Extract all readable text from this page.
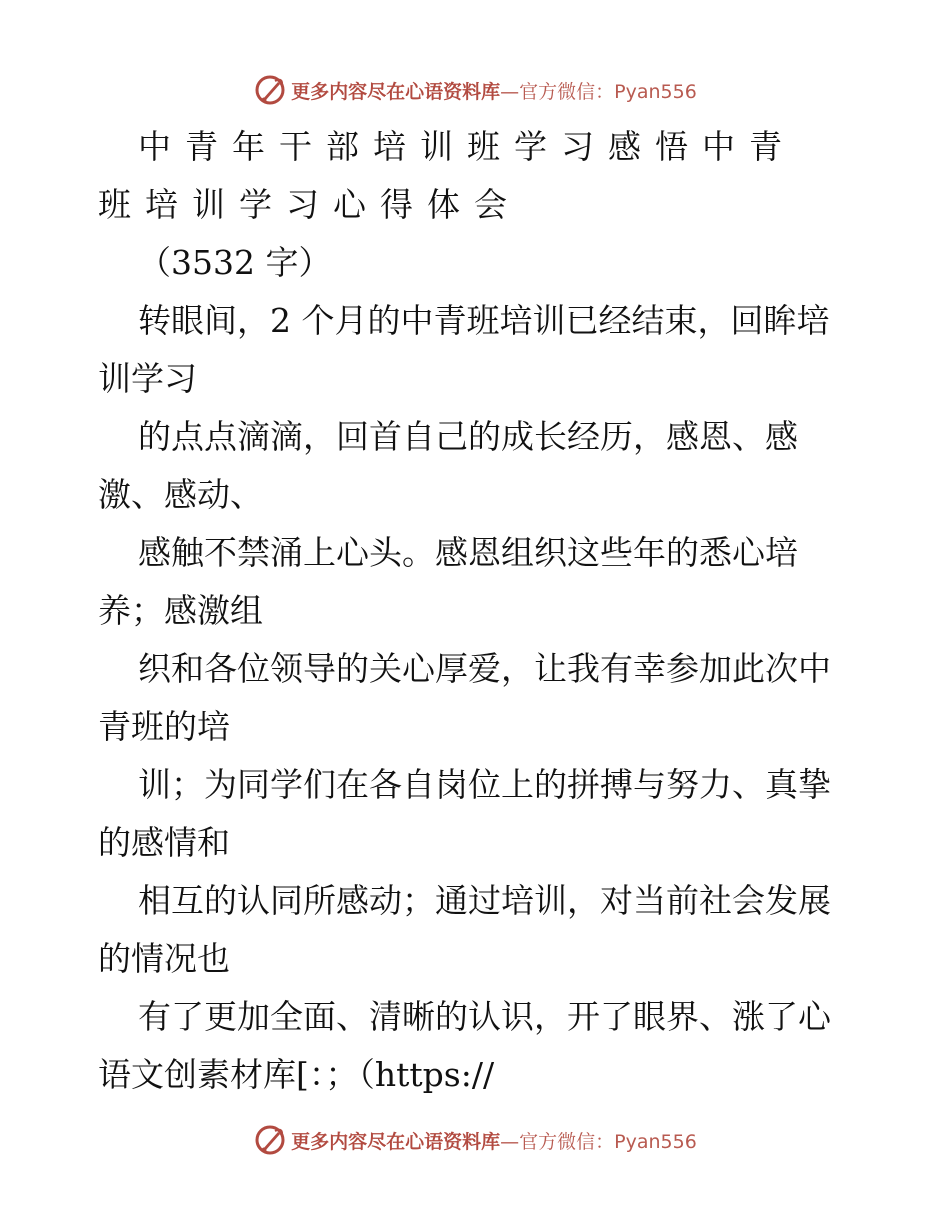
更多内容尽在心语资料库—官方微信：Pyan556
中青年干部培训班学习感悟中青
班培训学习心得体会
（3532 字）
转眼间，2 个月的中青班培训已经结束，回眸培
训学习
的点点滴滴，回首自己的成长经历，感恩、感
激、感动、
感触不禁涌上心头。感恩组织这些年的悉心培
养；感激组
织和各位领导的关心厚爱，让我有幸参加此次中
青班的培
训；为同学们在各自岗位上的拼搏与努力、真挚
的感情和
相互的认同所感动；通过培训，对当前社会发展
的情况也
有了更加全面、清晰的认识，开了眼界、涨了心
语文创素材库[：；（https://
更多内容尽在心语资料库—官方微信：Pyan556
